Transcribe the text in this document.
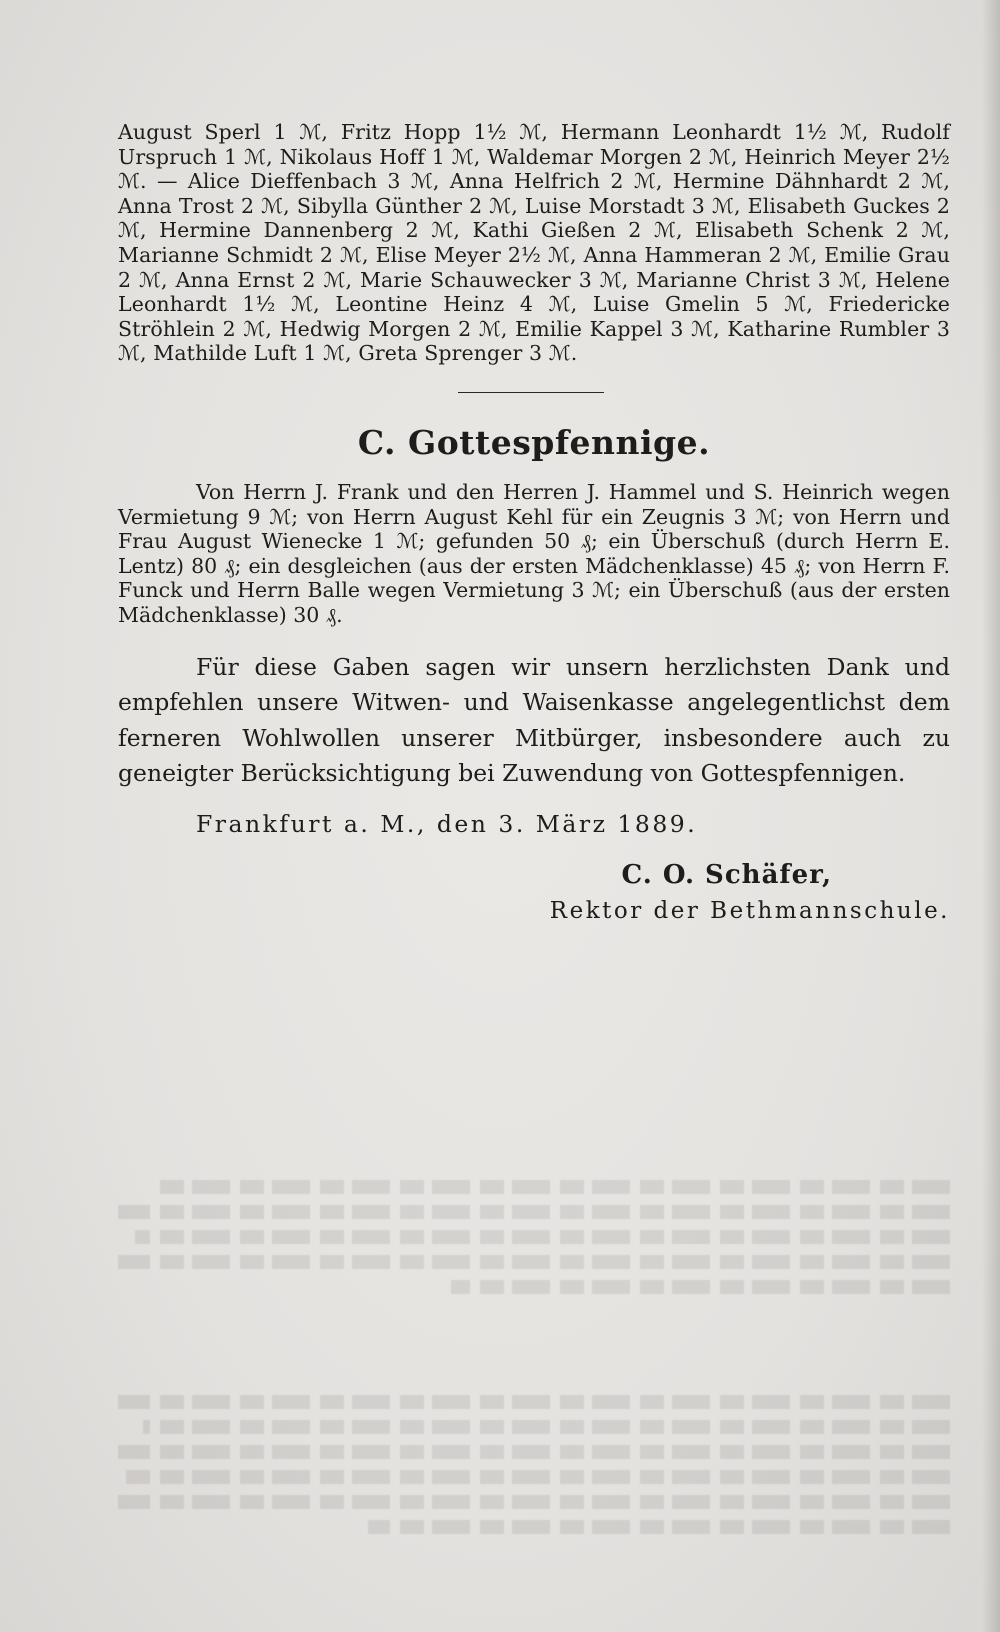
August Sperl 1 ℳ, Fritz Hopp 1½ ℳ, Hermann Leonhardt 1½ ℳ, Rudolf Urspruch 1 ℳ, Nikolaus Hoff 1 ℳ, Waldemar Morgen 2 ℳ, Heinrich Meyer 2½ ℳ. — Alice Dieffenbach 3 ℳ, Anna Helfrich 2 ℳ, Hermine Dähnhardt 2 ℳ, Anna Trost 2 ℳ, Sibylla Günther 2 ℳ, Luise Morstadt 3 ℳ, Elisabeth Guckes 2 ℳ, Hermine Dannenberg 2 ℳ, Kathi Gießen 2 ℳ, Elisabeth Schenk 2 ℳ, Marianne Schmidt 2 ℳ, Elise Meyer 2½ ℳ, Anna Hammeran 2 ℳ, Emilie Grau 2 ℳ, Anna Ernst 2 ℳ, Marie Schauwecker 3 ℳ, Marianne Christ 3 ℳ, Helene Leonhardt 1½ ℳ, Leontine Heinz 4 ℳ, Luise Gmelin 5 ℳ, Friedericke Ströhlein 2 ℳ, Hedwig Morgen 2 ℳ, Emilie Kappel 3 ℳ, Katharine Rumbler 3 ℳ, Mathilde Luft 1 ℳ, Greta Sprenger 3 ℳ.

C. Gottespfennige.

Von Herrn J. Frank und den Herren J. Hammel und S. Heinrich wegen Vermietung 9 ℳ; von Herrn August Kehl für ein Zeugnis 3 ℳ; von Herrn und Frau August Wienecke 1 ℳ; gefunden 50 ₰; ein Überschuß (durch Herrn E. Lentz) 80 ₰; ein desgleichen (aus der ersten Mädchenklasse) 45 ₰; von Herrn F. Funck und Herrn Balle wegen Vermietung 3 ℳ; ein Überschuß (aus der ersten Mädchenklasse) 30 ₰.

Für diese Gaben sagen wir unsern herzlichsten Dank und empfehlen unsere Witwen- und Waisenkasse angelegentlichst dem ferneren Wohlwollen unserer Mitbürger, insbesondere auch zu geneigter Berücksichtigung bei Zuwendung von Gottespfennigen.

Frankfurt a. M., den 3. März 1889.

C. O. Schäfer,

Rektor der Bethmannschule.
